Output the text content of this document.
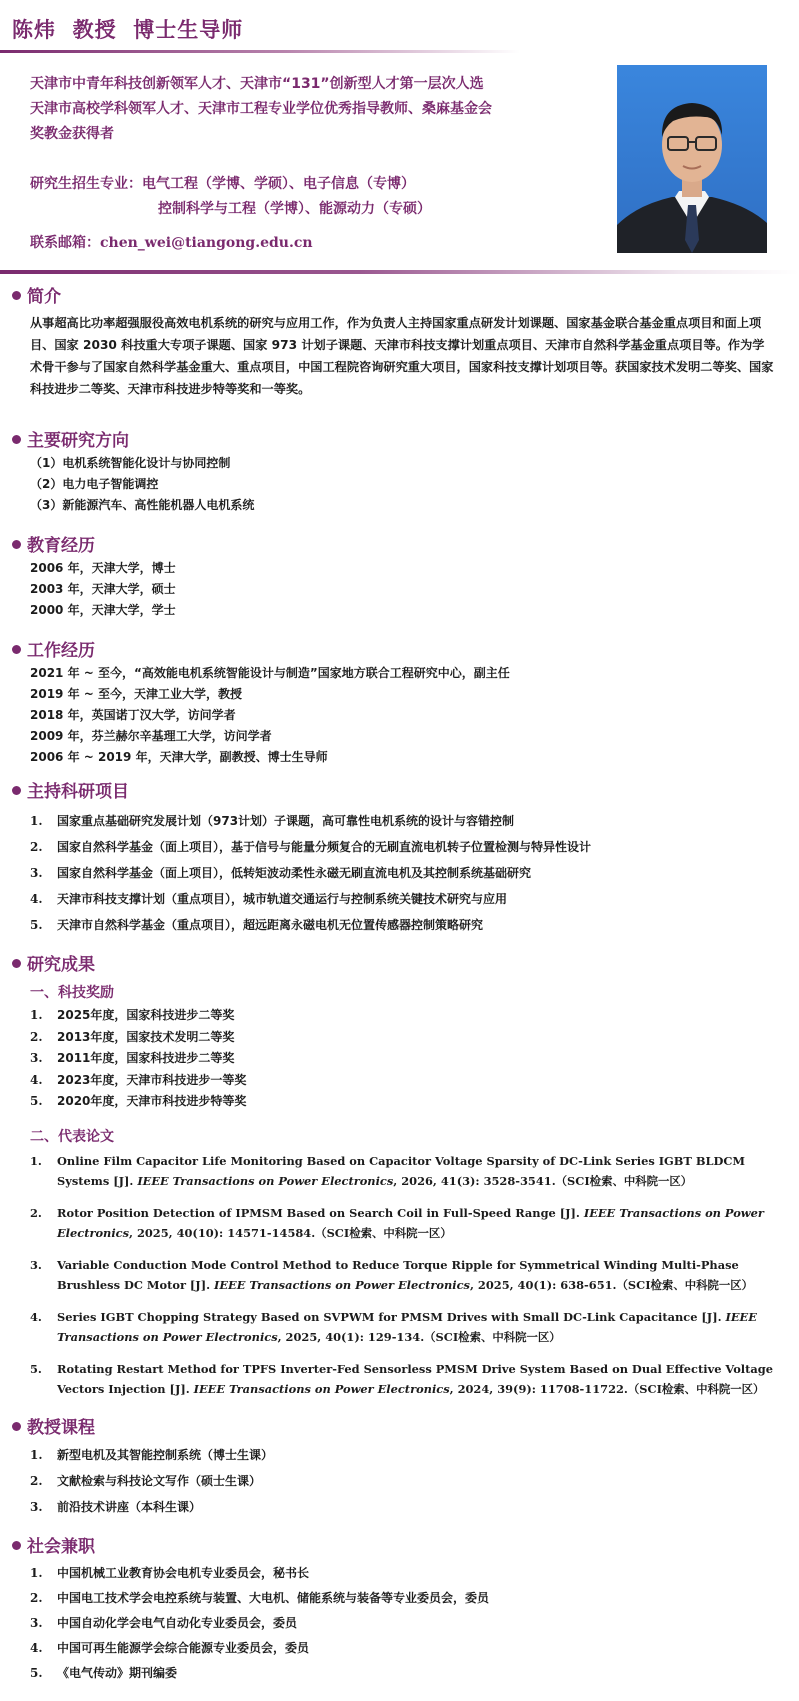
陈炜  教授  博士生导师

天津市中青年科技创新领军人才、天津市“131”创新型人才第一层次人选

天津市高校学科领军人才、天津市工程专业学位优秀指导教师、桑麻基金会

奖教金获得者

研究生招生专业：电气工程（学博、学硕）、电子信息（专博）

控制科学与工程（学博）、能源动力（专硕）

联系邮箱：chen_wei@tiangong.edu.cn
简介

从事超高比功率超强服役高效电机系统的研究与应用工作，作为负责人主持国家重点研发计划课题、国家基金联合基金重点项目和面上项目、国家 2030 科技重大专项子课题、国家 973 计划子课题、天津市科技支撑计划重点项目、天津市自然科学基金重点项目等。作为学术骨干参与了国家自然科学基金重大、重点项目，中国工程院咨询研究重大项目，国家科技支撑计划项目等。获国家技术发明二等奖、国家科技进步二等奖、天津市科技进步特等奖和一等奖。

主要研究方向
（1）电机系统智能化设计与协同控制
（2）电力电子智能调控
（3）新能源汽车、高性能机器人电机系统
教育经历
2006 年，天津大学，博士
2003 年，天津大学，硕士
2000 年，天津大学，学士
工作经历
2021 年 ~ 至今，“高效能电机系统智能设计与制造”国家地方联合工程研究中心，副主任
2019 年 ~ 至今，天津工业大学，教授
2018 年，英国诺丁汉大学，访问学者
2009 年，芬兰赫尔辛基理工大学，访问学者
2006 年 ~ 2019 年，天津大学，副教授、博士生导师
主持科研项目
1. 国家重点基础研究发展计划（973计划）子课题，高可靠性电机系统的设计与容错控制
2. 国家自然科学基金（面上项目），基于信号与能量分频复合的无刷直流电机转子位置检测与特异性设计
3. 国家自然科学基金（面上项目），低转矩波动柔性永磁无刷直流电机及其控制系统基础研究
4. 天津市科技支撑计划（重点项目），城市轨道交通运行与控制系统关键技术研究与应用
5. 天津市自然科学基金（重点项目），超远距离永磁电机无位置传感器控制策略研究
研究成果
一、科技奖励
1. 2025年度，国家科技进步二等奖
2. 2013年度，国家技术发明二等奖
3. 2011年度，国家科技进步二等奖
4. 2023年度，天津市科技进步一等奖
5. 2020年度，天津市科技进步特等奖
二、代表论文
1. Online Film Capacitor Life Monitoring Based on Capacitor Voltage Sparsity of DC-Link Series IGBT BLDCM Systems [J]. IEEE Transactions on Power Electronics, 2026, 41(3): 3528-3541.（SCI检索、中科院一区）
2. Rotor Position Detection of IPMSM Based on Search Coil in Full-Speed Range [J]. IEEE Transactions on Power Electronics, 2025, 40(10): 14571-14584.（SCI检索、中科院一区）
3. Variable Conduction Mode Control Method to Reduce Torque Ripple for Symmetrical Winding Multi-Phase Brushless DC Motor [J]. IEEE Transactions on Power Electronics, 2025, 40(1): 638-651.（SCI检索、中科院一区）
4. Series IGBT Chopping Strategy Based on SVPWM for PMSM Drives with Small DC-Link Capacitance [J]. IEEE Transactions on Power Electronics, 2025, 40(1): 129-134.（SCI检索、中科院一区）
5. Rotating Restart Method for TPFS Inverter-Fed Sensorless PMSM Drive System Based on Dual Effective Voltage Vectors Injection [J]. IEEE Transactions on Power Electronics, 2024, 39(9): 11708-11722.（SCI检索、中科院一区）
教授课程
1. 新型电机及其智能控制系统（博士生课）
2. 文献检索与科技论文写作（硕士生课）
3. 前沿技术讲座（本科生课）
社会兼职
1. 中国机械工业教育协会电机专业委员会，秘书长
2. 中国电工技术学会电控系统与装置、大电机、储能系统与装备等专业委员会，委员
3. 中国自动化学会电气自动化专业委员会，委员
4. 中国可再生能源学会综合能源专业委员会，委员
5. 《电气传动》期刊编委
